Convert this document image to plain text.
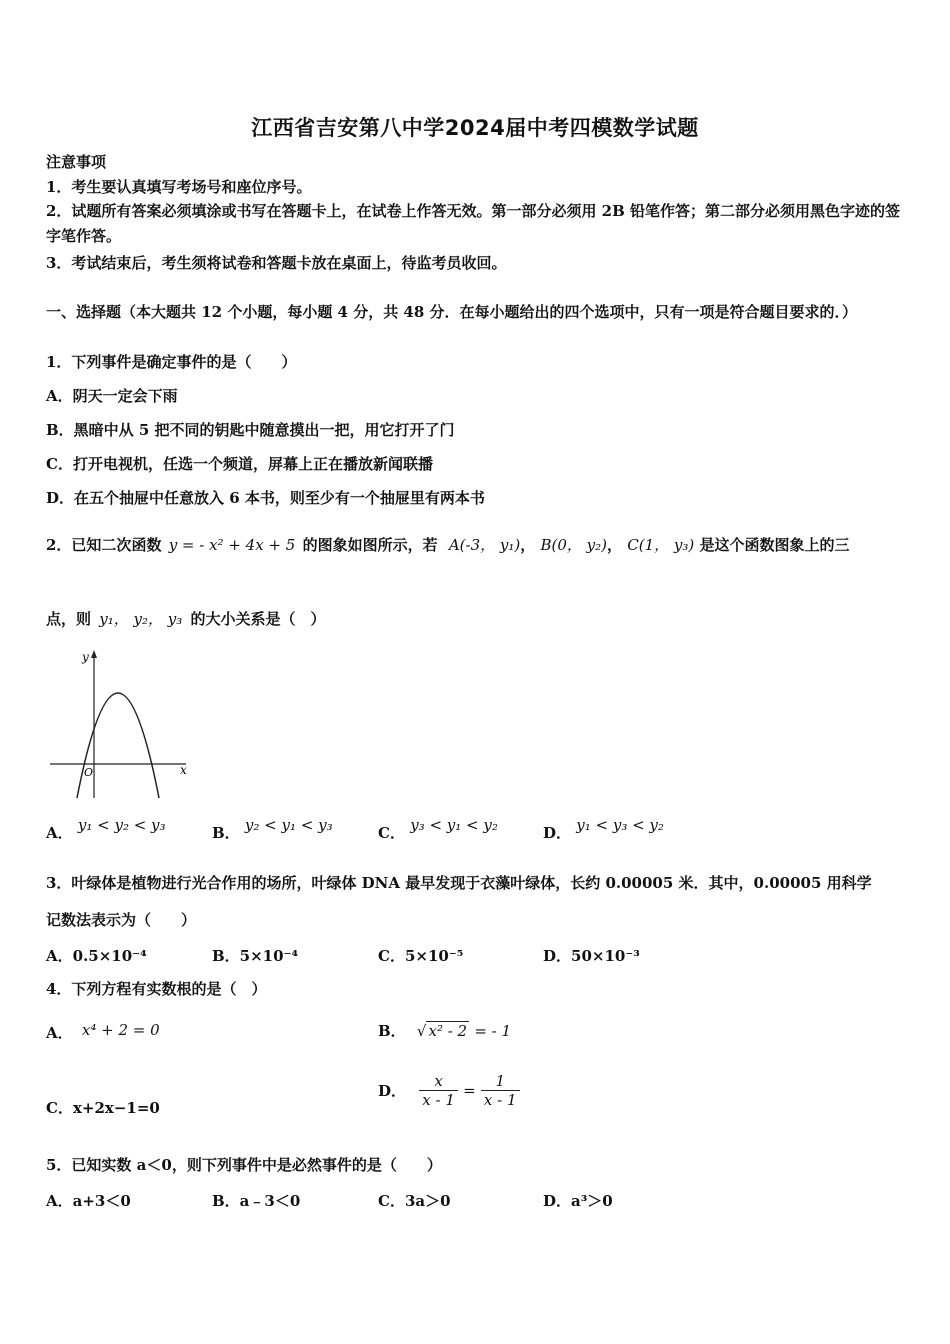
江西省吉安第八中学2024届中考四模数学试题
注意事项
1．考生要认真填写考场号和座位序号。
2．试题所有答案必须填涂或书写在答题卡上，在试卷上作答无效。第一部分必须用 2B 铅笔作答；第二部分必须用黑色字迹的签字笔作答。
3．考试结束后，考生须将试卷和答题卡放在桌面上，待监考员收回。
一、选择题（本大题共 12 个小题，每小题 4 分，共 48 分．在每小题给出的四个选项中，只有一项是符合题目要求的．）
1．下列事件是确定事件的是（　　）
A．阴天一定会下雨
B．黑暗中从 5 把不同的钥匙中随意摸出一把，用它打开了门
C．打开电视机，任选一个频道，屏幕上正在播放新闻联播
D．在五个抽屉中任意放入 6 本书，则至少有一个抽屉里有两本书
2．已知二次函数 y = - x² + 4x + 5 的图象如图所示，若 A(-3， y₁)， B(0， y₂)， C(1， y₃) 是这个函数图象上的三
点，则 y₁， y₂， y₃ 的大小关系是（　）
y
x
O
A． y₁ < y₂ < y₃	B． y₂ < y₁ < y₃	C． y₃ < y₁ < y₂	D． y₁ < y₃ < y₂
3．叶绿体是植物进行光合作用的场所，叶绿体 DNA 最早发现于衣藻叶绿体，长约 0.00005 米．其中，0.00005 用科学
记数法表示为（　　）
A．0.5×10⁻⁴	B．5×10⁻⁴	C．5×10⁻⁵	D．50×10⁻³
4．下列方程有实数根的是（　）
A． x⁴ + 2 = 0	B． √ x² - 2 = - 1
C．x+2x−1=0
D． $\frac{x}{x - 1} = \frac{1}{x - 1}$
5．已知实数 a＜0，则下列事件中是必然事件的是（　　）
A．a+3＜0	B．a﹣3＜0	C．3a＞0	D．a³＞0
